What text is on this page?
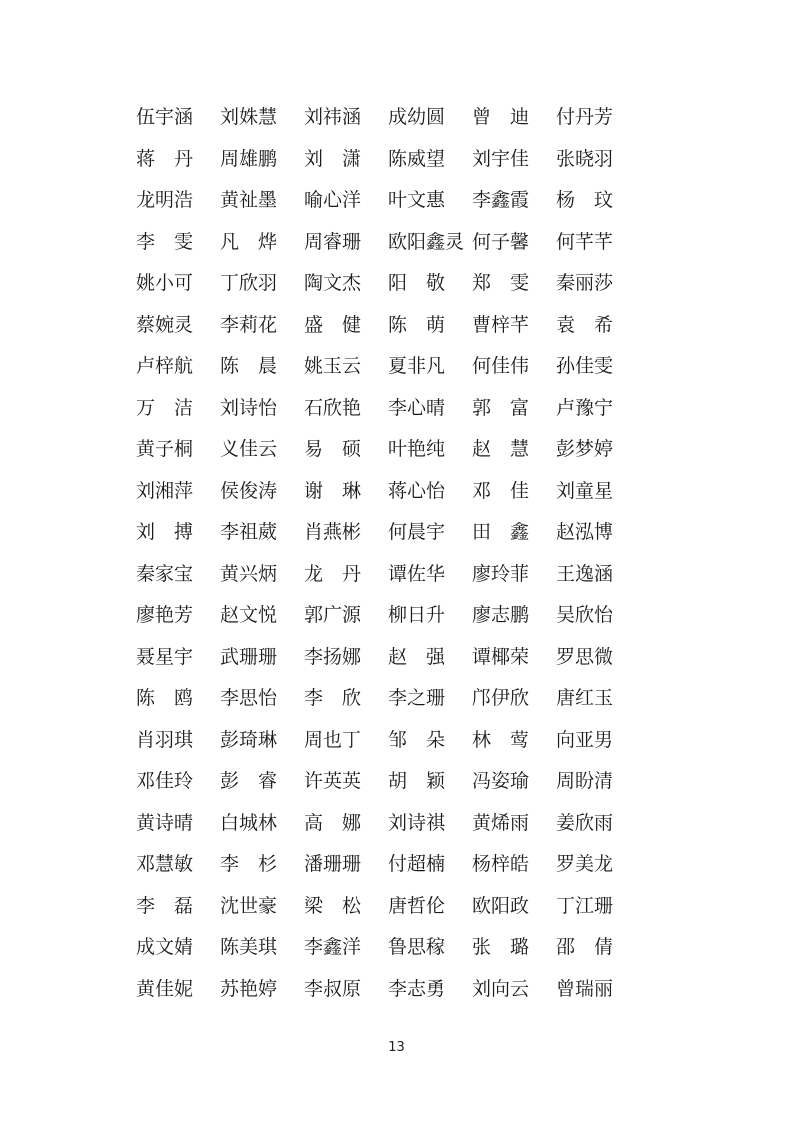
伍宇涵	刘姝慧	刘祎涵	成幼圆	曾　迪	付丹芳
蒋　丹	周雄鹏	刘　潇	陈威望	刘宇佳	张晓羽
龙明浩	黄祉墨	喻心洋	叶文惠	李鑫霞	杨　玟
李　雯	凡　烨	周睿珊	欧阳鑫灵 何子馨	何芊芊
姚小可	丁欣羽	陶文杰	阳　敬	郑　雯	秦丽莎
蔡婉灵	李莉花	盛　健	陈　萌	曹梓芊	袁　希
卢梓航	陈　晨	姚玉云	夏非凡	何佳伟	孙佳雯
万　洁	刘诗怡	石欣艳	李心晴	郭　富	卢豫宁
黄子桐	义佳云	易　硕	叶艳纯	赵　慧	彭梦婷
刘湘萍	侯俊涛	谢　琳	蒋心怡	邓　佳	刘童星
刘　搏	李祖葳	肖燕彬	何晨宇	田　鑫	赵泓博
秦家宝	黄兴炳	龙　丹	谭佐华	廖玲菲	王逸涵
廖艳芳	赵文悦	郭广源	柳日升	廖志鹏	吴欣怡
聂星宇	武珊珊	李扬娜	赵　强	谭椰荣	罗思微
陈　鸥	李思怡	李　欣	李之珊	邝伊欣	唐红玉
肖羽琪	彭琦琳	周也丁	邹　朵	林　莺	向亚男
邓佳玲	彭　睿	许英英	胡　颖	冯姿瑜	周盼清
黄诗晴	白城林	高　娜	刘诗祺	黄烯雨	姜欣雨
邓慧敏	李　杉	潘珊珊	付超楠	杨梓皓	罗美龙
李　磊	沈世豪	梁　松	唐哲伦	欧阳政	丁江珊
成文婧	陈美琪	李鑫洋	鲁思稼	张　璐	邵　倩
黄佳妮	苏艳婷	李叔原	李志勇	刘向云	曾瑞丽
13
